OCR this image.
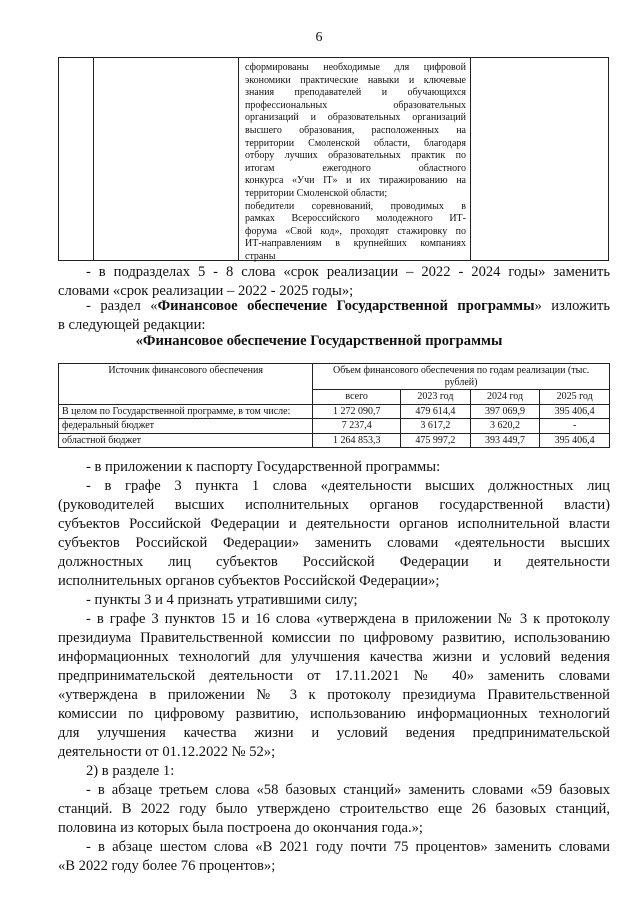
6
сформированы необходимые для цифровой
экономики практические навыки и ключевые
знания преподавателей и обучающихся
профессиональных образовательных
организаций и образовательных организаций
высшего образования, расположенных на
территории Смоленской области, благодаря
отбору лучших образовательных практик по
итогам ежегодного областного
конкурса «Учи IT» и их тиражированию на
территории Смоленской области;
победители соревнований, проводимых в
рамках Всероссийского молодежного ИТ-
форума «Свой код», проходят стажировку по
ИТ-направлениям в крупнейших компаниях
страны
- в подразделах 5 - 8 слова «срок реализации – 2022 - 2024 годы» заменить
словами «срок реализации – 2022 - 2025 годы»;
- раздел «Финансовое обеспечение Государственной программы» изложить
в следующей редакции:
«Финансовое обеспечение Государственной программы
Источник финансового обеспечения	Объем финансового обеспечения по годам реализации (тыс. рублей)			
	всего	2023 год	2024 год	2025 год
В целом по Государственной программе, в том числе:	1 272 090,7	479 614,4	397 069,9	395 406,4
федеральный бюджет	7 237,4	3 617,2	3 620,2	-
областной бюджет	1 264 853,3	475 997,2	393 449,7	395 406,4
- в приложении к паспорту Государственной программы:
- в графе 3 пункта 1 слова «деятельности высших должностных лиц
(руководителей высших исполнительных органов государственной власти)
субъектов Российской Федерации и деятельности органов исполнительной власти
субъектов Российской Федерации» заменить словами «деятельности высших
должностных лиц субъектов Российской Федерации и деятельности
исполнительных органов субъектов Российской Федерации»;
- пункты 3 и 4 признать утратившими силу;
- в графе 3 пунктов 15 и 16 слова «утверждена в приложении № 3 к протоколу
президиума Правительственной комиссии по цифровому развитию, использованию
информационных технологий для улучшения качества жизни и условий ведения
предпринимательской деятельности от 17.11.2021 № 40» заменить словами
«утверждена в приложении № 3 к протоколу президиума Правительственной
комиссии по цифровому развитию, использованию информационных технологий
для улучшения качества жизни и условий ведения предпринимательской
деятельности от 01.12.2022 № 52»;
2) в разделе 1:
- в абзаце третьем слова «58 базовых станций» заменить словами «59 базовых
станций. В 2022 году было утверждено строительство еще 26 базовых станций,
половина из которых была построена до окончания года.»;
- в абзаце шестом слова «В 2021 году почти 75 процентов» заменить словами
«В 2022 году более 76 процентов»;
